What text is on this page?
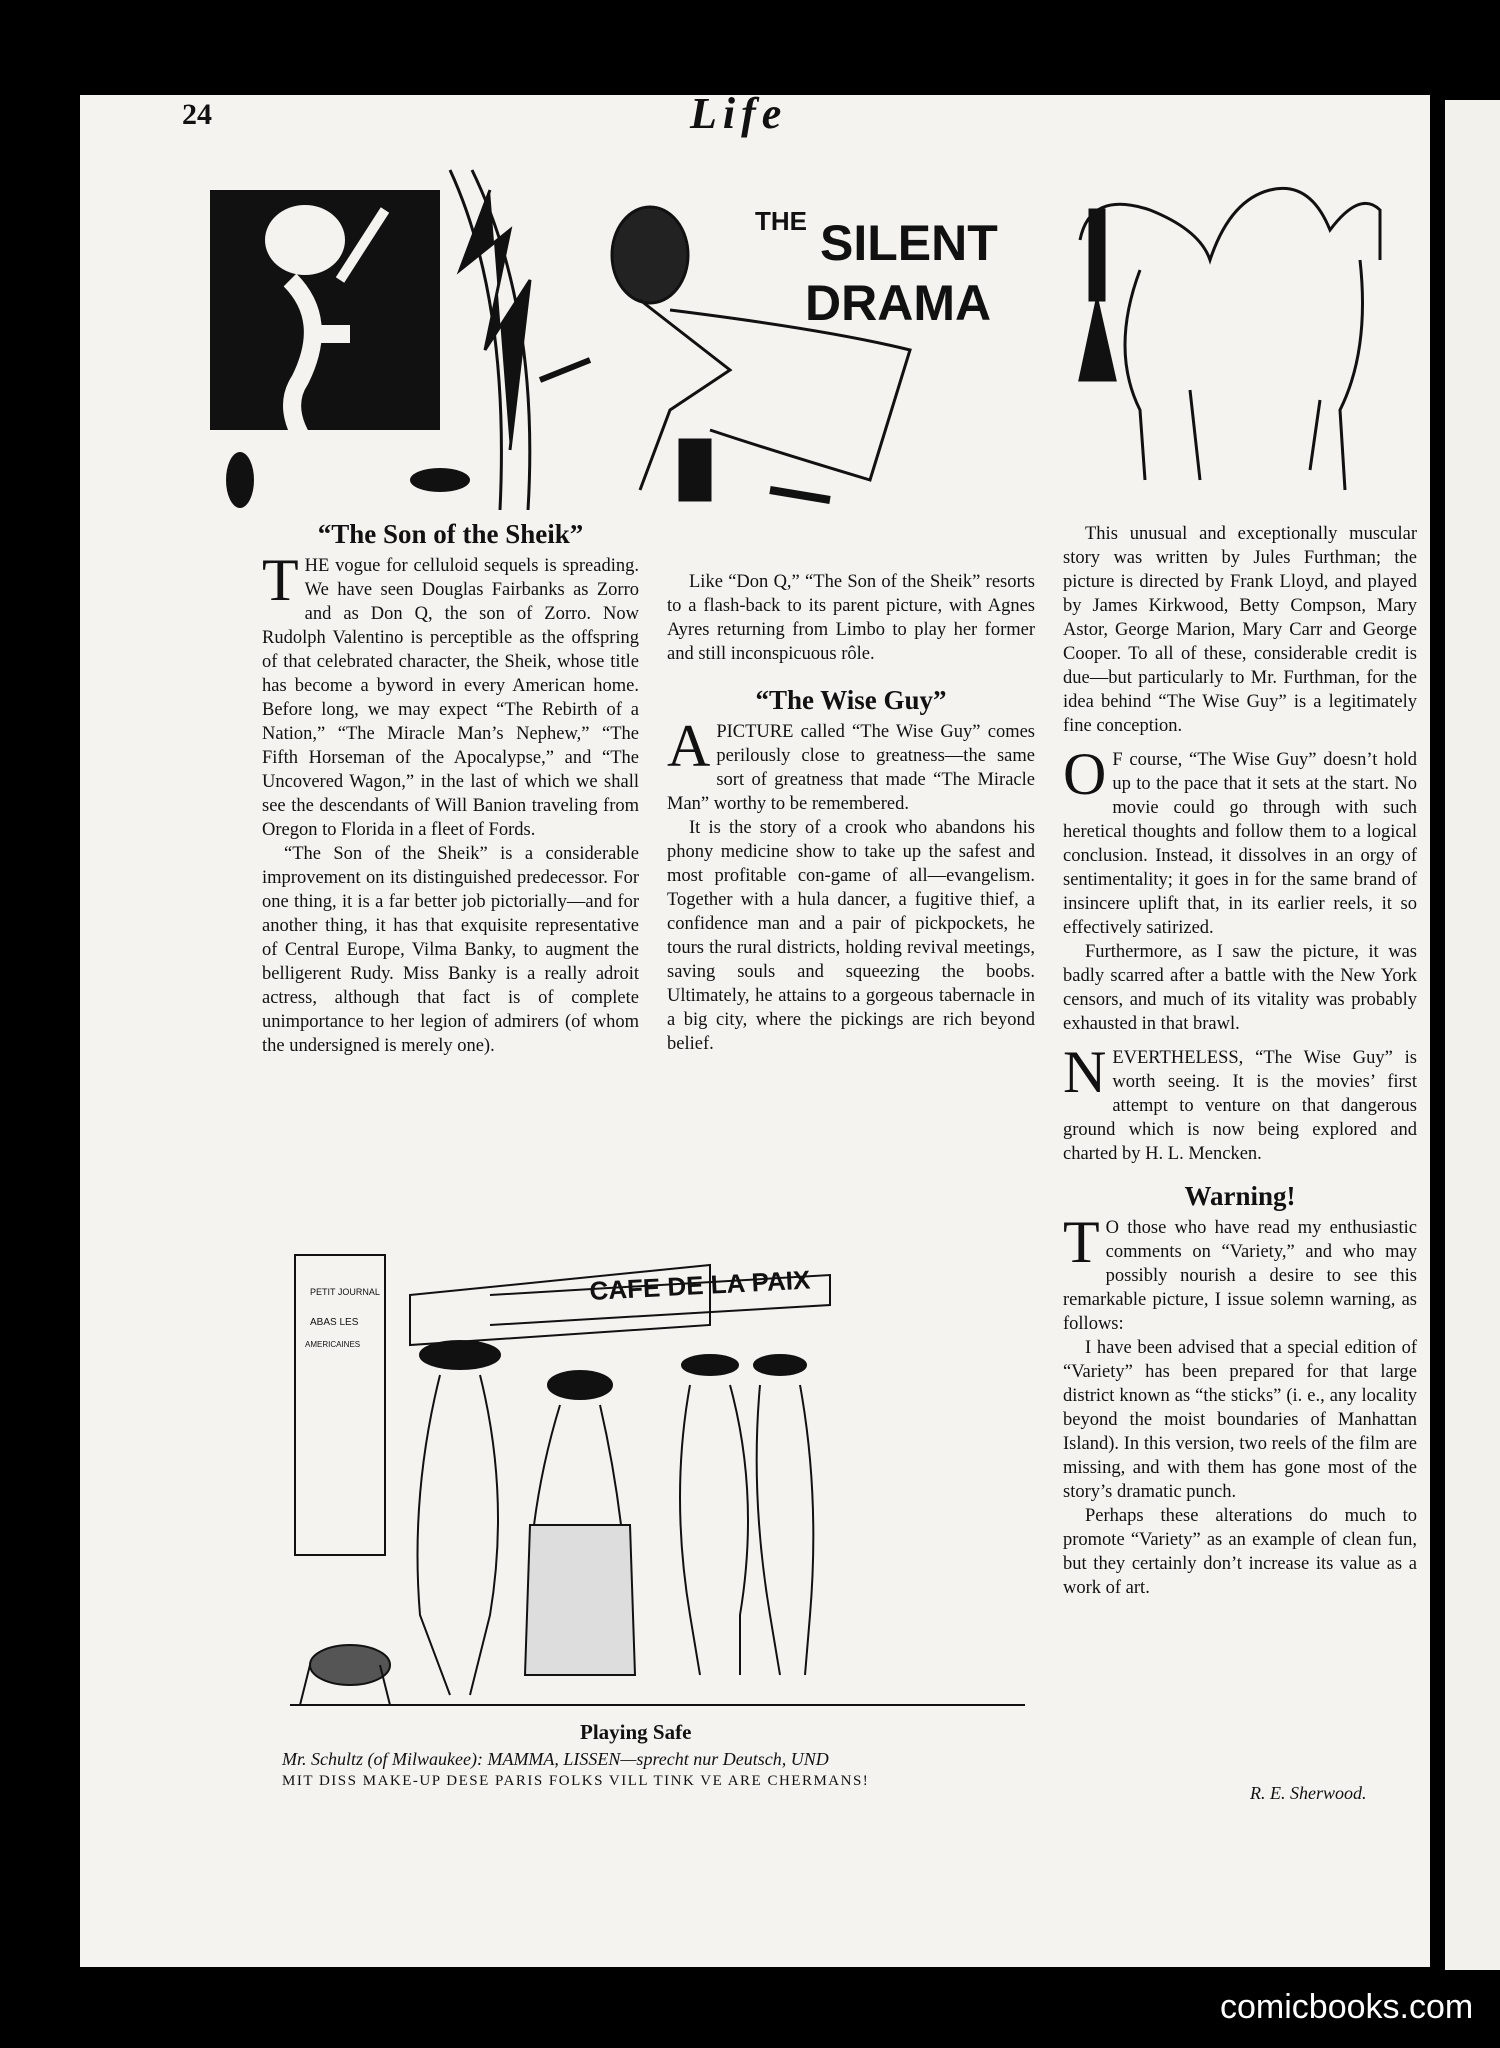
24	Life
THE SILENT
DRAMA
“The Son of the Sheik”

THE vogue for celluloid sequels is spreading. We have seen Douglas Fairbanks as Zorro and as Don Q, the son of Zorro. Now Rudolph Valentino is perceptible as the offspring of that celebrated character, the Sheik, whose title has become a byword in every American home. Before long, we may expect “The Rebirth of a Nation,” “The Miracle Man’s Nephew,” “The Fifth Horseman of the Apocalypse,” and “The Uncovered Wagon,” in the last of which we shall see the descendants of Will Banion traveling from Oregon to Florida in a fleet of Fords.

“The Son of the Sheik” is a considerable improvement on its distinguished predecessor. For one thing, it is a far better job pictorially—and for another thing, it has that exquisite representative of Central Europe, Vilma Banky, to augment the belligerent Rudy. Miss Banky is a really adroit actress, although that fact is of complete unimportance to her legion of admirers (of whom the undersigned is merely one).

Like “Don Q,” “The Son of the Sheik” resorts to a flash-back to its parent picture, with Agnes Ayres returning from Limbo to play her former and still inconspicuous rôle.

“The Wise Guy”

APICTURE called “The Wise Guy” comes perilously close to greatness—the same sort of greatness that made “The Miracle Man” worthy to be remembered.

It is the story of a crook who abandons his phony medicine show to take up the safest and most profitable con-game of all—evangelism. Together with a hula dancer, a fugitive thief, a confidence man and a pair of pickpockets, he tours the rural districts, holding revival meetings, saving souls and squeezing the boobs. Ultimately, he attains to a gorgeous tabernacle in a big city, where the pickings are rich beyond belief.

This unusual and exceptionally muscular story was written by Jules Furthman; the picture is directed by Frank Lloyd, and played by James Kirkwood, Betty Compson, Mary Astor, George Marion, Mary Carr and George Cooper. To all of these, considerable credit is due—but particularly to Mr. Furthman, for the idea behind “The Wise Guy” is a legitimately fine conception.

O F course, “The Wise Guy” doesn’t hold up to the pace that it sets at the start. No movie could go through with such heretical thoughts and follow them to a logical conclusion. Instead, it dissolves in an orgy of sentimentality; it goes in for the same brand of insincere uplift that, in its earlier reels, it so effectively satirized.

Furthermore, as I saw the picture, it was badly scarred after a battle with the New York censors, and much of its vitality was probably exhausted in that brawl.

NEVERTHELESS, “The Wise Guy” is worth seeing. It is the movies’ first attempt to venture on that dangerous ground which is now being explored and charted by H. L. Mencken.

Warning!

T O those who have read my enthusiastic comments on “Variety,” and who may possibly nourish a desire to see this remarkable picture, I issue solemn warning, as follows:

I have been advised that a special edition of “Variety” has been prepared for that large district known as “the sticks” (i. e., any locality beyond the moist boundaries of Manhattan Island). In this version, two reels of the film are missing, and with them has gone most of the story’s dramatic punch.

Perhaps these alterations do much to promote “Variety” as an example of clean fun, but they certainly don’t increase its value as a work of art.

R. E. Sherwood.
PETIT JOURNAL
ABAS LES
AMERICAINES
CAFE DE LA PAIX
Playing Safe
Mr. Schultz (of Milwaukee): MAMMA, LISSEN—sprecht nur Deutsch, UND
MIT DISS MAKE-UP DESE PARIS FOLKS VILL TINK VE ARE CHERMANS!
comicbooks.com
